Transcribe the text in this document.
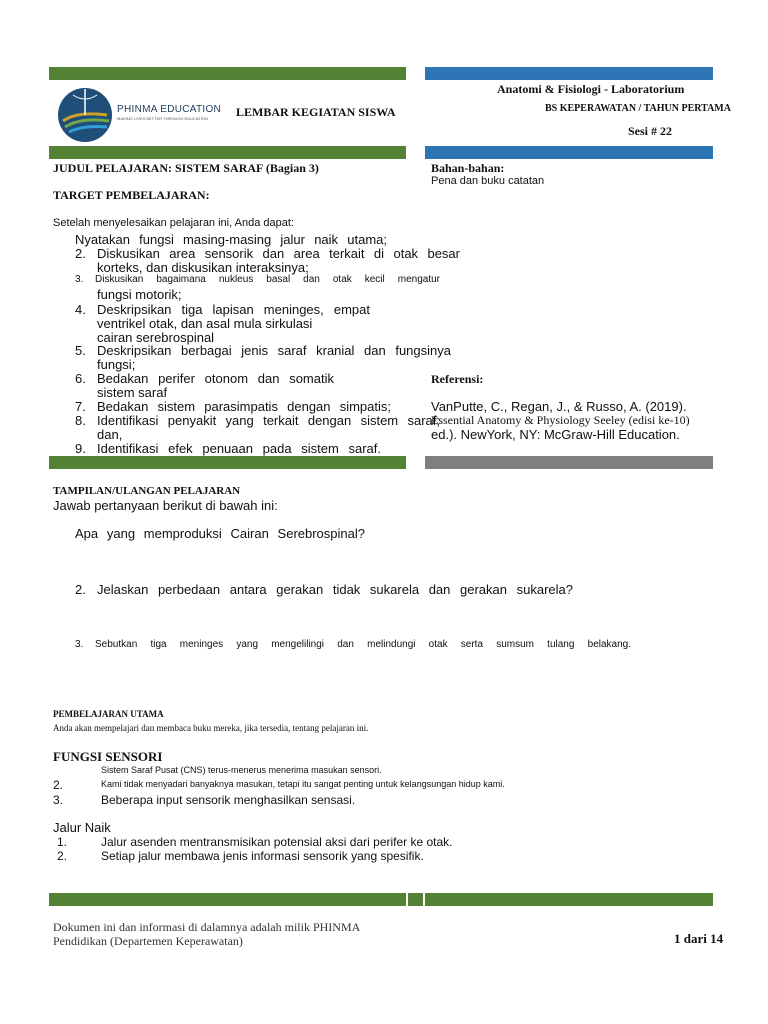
PHINMA EDUCATION
MAKING LIVES BETTER THROUGH EDUCATION LEMBAR KEGIATAN SISWA
Anatomi & Fisiologi - Laboratorium
BS KEPERAWATAN / TAHUN PERTAMA
Sesi # 22
JUDUL PELAJARAN: SISTEM SARAF (Bagian 3)
TARGET PEMBELAJARAN:
Setelah menyelesaikan pelajaran ini, Anda dapat:
Bahan-bahan:
Pena dan buku catatan
Nyatakan fungsi masing-masing jalur naik utama;
2. Diskusikan area sensorik dan area terkait di otak besar
korteks, dan diskusikan interaksinya;
3. Diskusikan bagaimana nukleus basal dan otak kecil mengatur
fungsi motorik;
4. Deskripsikan tiga lapisan meninges, empat
ventrikel otak, dan asal mula sirkulasi
cairan serebrospinal
5. Deskripsikan berbagai jenis saraf kranial dan fungsinya
fungsi;
6. Bedakan perifer otonom dan somatik
sistem saraf
7. Bedakan sistem parasimpatis dengan simpatis;
8. Identifikasi penyakit yang terkait dengan sistem saraf;
dan,
9. Identifikasi efek penuaan pada sistem saraf.
Referensi:
VanPutte, C., Regan, J., & Russo, A. (2019).
Essential Anatomy & Physiology Seeley (edisi ke-10)
ed.). NewYork, NY: McGraw-Hill Education.
TAMPILAN/ULANGAN PELAJARAN
Jawab pertanyaan berikut di bawah ini:
Apa yang memproduksi Cairan Serebrospinal?
2. Jelaskan perbedaan antara gerakan tidak sukarela dan gerakan sukarela?
3. Sebutkan tiga meninges yang mengelilingi dan melindungi otak serta sumsum tulang belakang.
PEMBELAJARAN UTAMA
Anda akan mempelajari dan membaca buku mereka, jika tersedia, tentang pelajaran ini.
FUNGSI SENSORI
Sistem Saraf Pusat (CNS) terus-menerus menerima masukan sensori.
2.	Kami tidak menyadari banyaknya masukan, tetapi itu sangat penting untuk kelangsungan hidup kami.
3.	Beberapa input sensorik menghasilkan sensasi.
Jalur Naik
1.	Jalur asenden mentransmisikan potensial aksi dari perifer ke otak.
2.	Setiap jalur membawa jenis informasi sensorik yang spesifik.
Dokumen ini dan informasi di dalamnya adalah milik PHINMA
Pendidikan (Departemen Keperawatan)	1 dari 14
